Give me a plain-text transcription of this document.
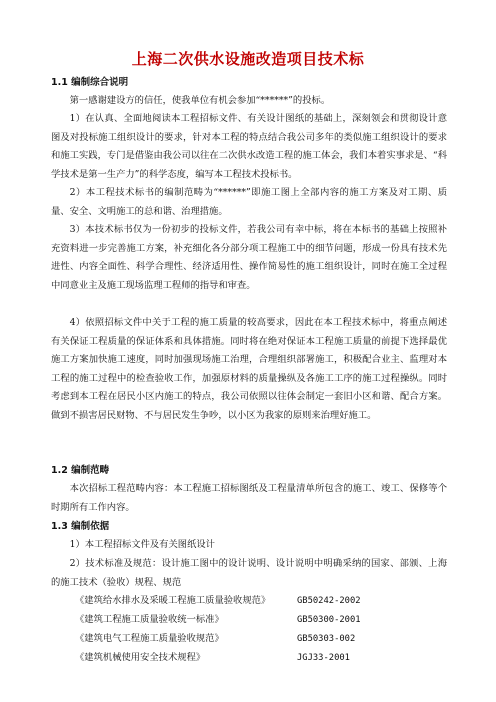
上海二次供水设施改造项目技术标
1.1 编制综合说明
第一感谢建设方的信任，使我单位有机会参加“******”的投标。
1）在认真、全面地阅读本工程招标文件、有关设计图纸的基础上，深刻领会和贯彻设计意图及对投标施工组织设计的要求，针对本工程的特点结合我公司多年的类似施工组织设计的要求和施工实践，专门是借鉴由我公司以往在二次供水改造工程的施工体会，我们本着实事求是、“科学技术是第一生产力”的科学态度，编写本工程技术投标书。
2）本工程技术标书的编制范畴为“******”即施工图上全部内容的施工方案及对工期、质量、安全、文明施工的总和谐、治理措施。
3）本技术标书仅为一份初步的投标文件，若我公司有幸中标，将在本标书的基础上按照补充资料进一步完善施工方案，补充细化各分部分项工程施工中的细节问题，形成一份具有技术先进性、内容全面性、科学合理性、经济适用性、操作简易性的施工组织设计，同时在施工全过程中同意业主及施工现场监理工程师的指导和审查。
4）依照招标文件中关于工程的施工质量的较高要求，因此在本工程技术标中，将重点阐述有关保证工程质量的保证体系和具体措施。同时将在绝对保证本工程施工质量的前提下选择最优施工方案加快施工速度，同时加强现场施工治理，合理组织部署施工，积极配合业主、监理对本工程的施工过程中的检查验收工作，加强原材料的质量操纵及各施工工序的施工过程操纵。同时考虑到本工程在居民小区内施工的特点，我公司依照以往体会制定一套旧小区和谐、配合方案。做到不损害居民财物、不与居民发生争吵，以小区为我家的原则来治理好施工。
1.2 编制范畴
本次招标工程范畴内容：本工程施工招标图纸及工程量清单所包含的施工、竣工、保修等个时期所有工作内容。
1.3 编制依据
1）本工程招标文件及有关图纸设计
2）技术标准及规范：设计施工图中的设计说明、设计说明中明确采纳的国家、部颁、上海的施工技术（验收）规程、规范
《建筑给水排水及采暖工程施工质量验收规范》	GB50242-2002
《建筑工程施工质量验收统一标准》	GB50300-2001
《建筑电气工程施工质量验收规范》	GB50303-002
《建筑机械使用安全技术规程》	JGJ33-2001
